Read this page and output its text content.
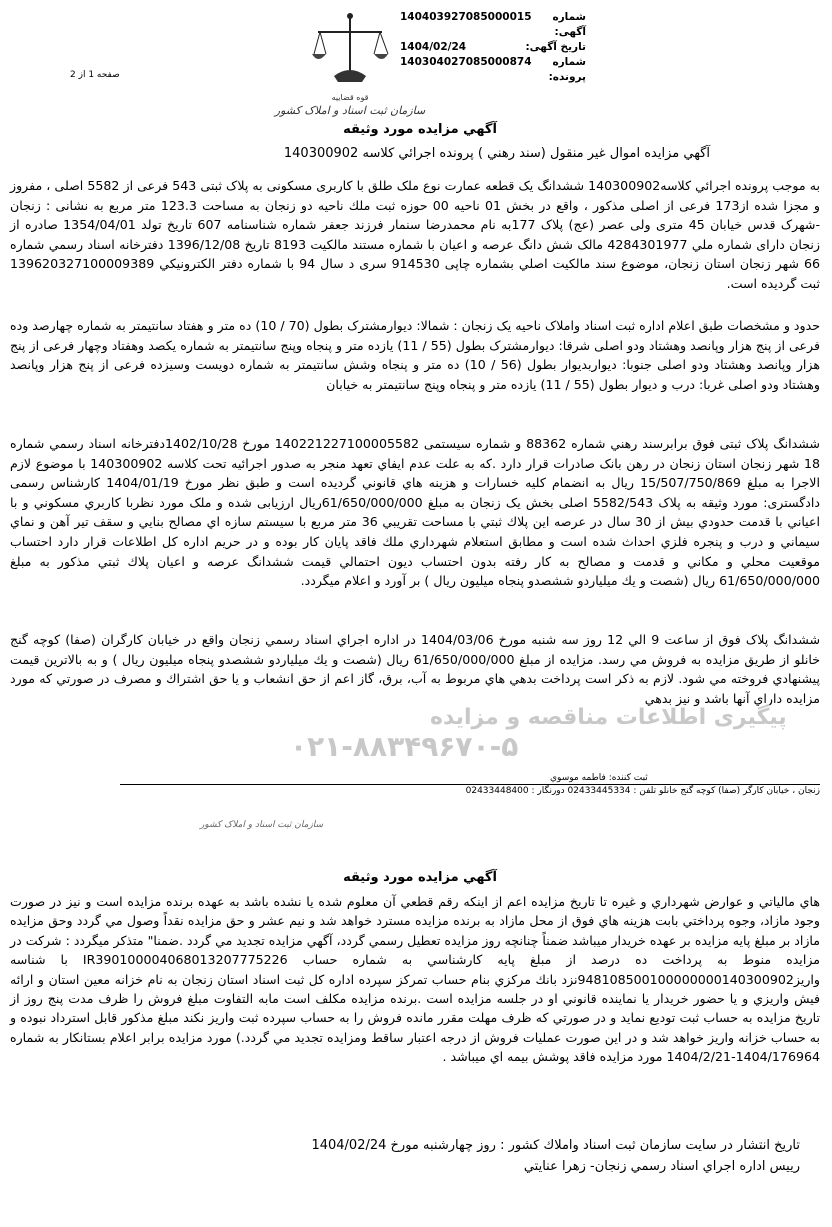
شماره آگهی:
140403927085000015
تاریخ آگهی:
1404/02/24
شماره پرونده:
140304027085000874
قوه قضاییه
سازمان ثبت اسناد و املاک کشور
صفحه 1 از 2
آگهي مزايده مورد وثيقه
آگهي مزايده اموال غير منقول (سند رهني ) پرونده اجرائي كلاسه 140300902
به موجب پرونده اجرائي كلاسه140300902 ششدانگ یک قطعه عمارت نوع ملک طلق با کاربری مسکونی به پلاک ثبتی 543 فرعی از 5582 اصلی ، مفروز و مجزا شده از173 فرعی از اصلی مذکور ، واقع در بخش 01 ناحیه 00 حوزه ثبت ملك ناحیه دو زنجان به مساحت 123.3 متر مربع به نشانی : زنجان -شهرک قدس خیابان 45 متری ولی عصر (عج) پلاک 177به نام محمدرضا سنمار فرزند جعفر شماره شناسنامه 607 تاریخ تولد 1354/04/01 صادره از زنجان دارای شماره ملي 4284301977 مالک شش دانگ عرصه و اعیان با شماره مستند مالکیت 8193 تاریخ 1396/12/08 دفترخانه اسناد رسمي شماره 66 شهر زنجان استان زنجان، موضوع سند مالكيت اصلي بشماره چاپی 914530 سری د سال 94 با شماره دفتر الكترونيكي 139620327100009389 ثبت گرديده است.
حدود و مشخصات طبق اعلام اداره ثبت اسناد واملاک ناحیه یک زنجان : شمالا: دیوارمشترک بطول (70 / 10) ده متر و هفتاد سانتیمتر به شماره چهارصد وده فرعی از پنج هزار وپانصد وهشتاد ودو اصلی شرقا: دیوارمشترک بطول (55 / 11) یازده متر و پنجاه وپنج سانتیمتر به شماره یکصد وهفتاد وچهار فرعی از پنج هزار وپانصد وهشتاد ودو اصلی جنوبا: دیواربدیوار بطول (56 / 10) ده متر و پنجاه وشش سانتیمتر به شماره دویست وسیزده فرعی از پنج هزار وپانصد وهشتاد ودو اصلی غربا: درب و دیوار بطول (55 / 11) یازده متر و پنجاه وپنج سانتیمتر به خیابان
ششدانگ پلاک ثبتی فوق برابرسند رهني شماره 88362 و شماره سیستمی 140221227100005582 مورخ 1402/10/28دفترخانه اسناد رسمي شماره 18 شهر زنجان استان زنجان در رهن بانک صادرات قرار دارد .که به علت عدم ايفاي تعهد منجر به صدور اجرائيه تحت كلاسه 140300902 با موضوع لازم الاجرا به مبلغ 15/507/750/869 ريال به انضمام كليه خسارات و هزينه هاي قانوني گرديده است و طبق نظر مورخ 1404/01/19 کارشناس رسمی دادگستری: مورد وثیقه به پلاک 5582/543 اصلی بخش یک زنجان به مبلغ 61/650/000/000ریال ارزیابی شده و ملک مورد نظربا كاربري مسكوني و با اعياني با قدمت حدودي بيش از 30 سال در عرصه اين پلاك ثبتي با مساحت تقريبي 36 متر مربع با سيستم سازه اي مصالح بنايي و سقف تير آهن و نماي سيماني و درب و پنجره فلزي احداث شده است و مطابق استعلام شهرداري ملك فاقد پايان كار بوده و در حريم اداره كل اطلاعات قرار دارد احتساب موقعيت محلي و مكاني و قدمت و مصالح به كار رفته بدون احتساب ديون احتمالي قيمت ششدانگ عرصه و اعيان پلاك ثبتي مذكور به مبلغ 61/650/000/000 ريال (شصت و يك ميلياردو ششصدو پنجاه ميليون ريال ) بر آورد و اعلام ميگردد.
ششدانگ پلاک فوق از ساعت 9 الي 12 روز سه شنبه مورخ 1404/03/06 در اداره اجراي اسناد رسمي زنجان واقع در خیابان کارگران (صفا) کوچه گنج خانلو از طریق مزايده به فروش مي رسد. مزايده از مبلغ 61/650/000/000 ريال (شصت و يك ميلياردو ششصدو پنجاه ميليون ريال ) و به بالاترين قيمت پيشنهادي فروخته مي شود. لازم به ذكر است پرداخت بدهي هاي مربوط به آب، برق، گاز اعم از حق انشعاب و يا حق اشتراك و مصرف در صورتي كه مورد مزايده داراي آنها باشد و نيز بدهي
پیگیری اطلاعات مناقصه و مزایده
۰۲۱-۸۸۳۴۹۶۷۰-۵
ثبت كننده: فاطمه موسوي
زنجان ، خیابان کارگر (صفا) کوچه گنج خانلو تلفن : 02433445334 دورنگار : 02433448400
سازمان ثبت اسناد و املاک کشور
آگهي مزايده مورد وثيقه
هاي مالياتي و عوارض شهرداري و غيره تا تاريخ مزايده اعم از اينكه رقم قطعي آن معلوم شده يا نشده باشد به عهده برنده مزايده است و نيز در صورت وجود مازاد، وجوه پرداختي بابت هزينه هاي فوق از محل مازاد به برنده مزايده مسترد خواهد شد و نيم عشر و حق مزايده نقداً وصول مي گردد وحق مزايده مازاد بر مبلغ پايه مزايده بر عهده خريدار ميباشد ضمناً چنانچه روز مزايده تعطيل رسمي گردد، آگهي مزايده تجديد مي گردد .ضمنا" متذكر ميگردد : شركت در مزايده منوط به پرداخت ده درصد از مبلغ پايه كارشناسي به شماره حساب IR390100004068013207775226 با شناسه واريز948108500100000000140300902نزد بانك مركزي بنام حساب تمركز سپرده اداره كل ثبت اسناد استان زنجان به نام خزانه معين استان و ارائه فيش واريزي و يا حضور خريدار يا نماينده قانوني او در جلسه مزايده است .برنده مزايده مكلف است مابه التفاوت مبلغ فروش را ظرف مدت پنج روز از تاريخ مزايده به حساب ثبت توديع نمايد و در صورتي كه ظرف مهلت مقرر مانده فروش را به حساب سپرده ثبت واريز نكند مبلغ مذكور قابل استرداد نبوده و به حساب خزانه واريز خواهد شد و در اين صورت عمليات فروش از درجه اعتبار ساقط ومزايده تجديد مي گردد.) مورد مزايده برابر اعلام بستانكار به شماره 1404/176964-1404/2/21 مورد مزايده فاقد پوشش بيمه اي ميباشد .
تاريخ انتشار در سايت سازمان ثبت اسناد واملاك كشور : روز چهارشنبه مورخ 1404/02/24
رييس اداره اجراي اسناد رسمي زنجان- زهرا عنايتي
